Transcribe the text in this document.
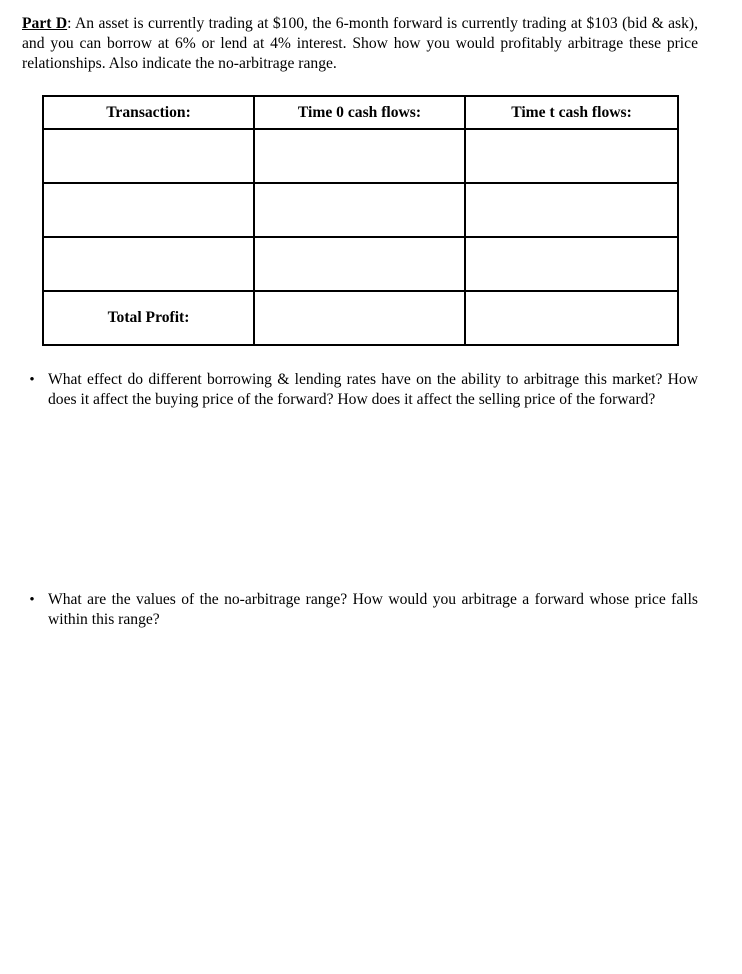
Part D: An asset is currently trading at $100, the 6-month forward is currently trading at $103 (bid & ask), and you can borrow at 6% or lend at 4% interest. Show how you would profitably arbitrage these price relationships. Also indicate the no-arbitrage range.
Transaction:	Time 0 cash flows:	Time t cash flows:

Total Profit:		
• What effect do different borrowing & lending rates have on the ability to arbitrage this market? How does it affect the buying price of the forward? How does it affect the selling price of the forward?
• What are the values of the no-arbitrage range? How would you arbitrage a forward whose price falls within this range?
